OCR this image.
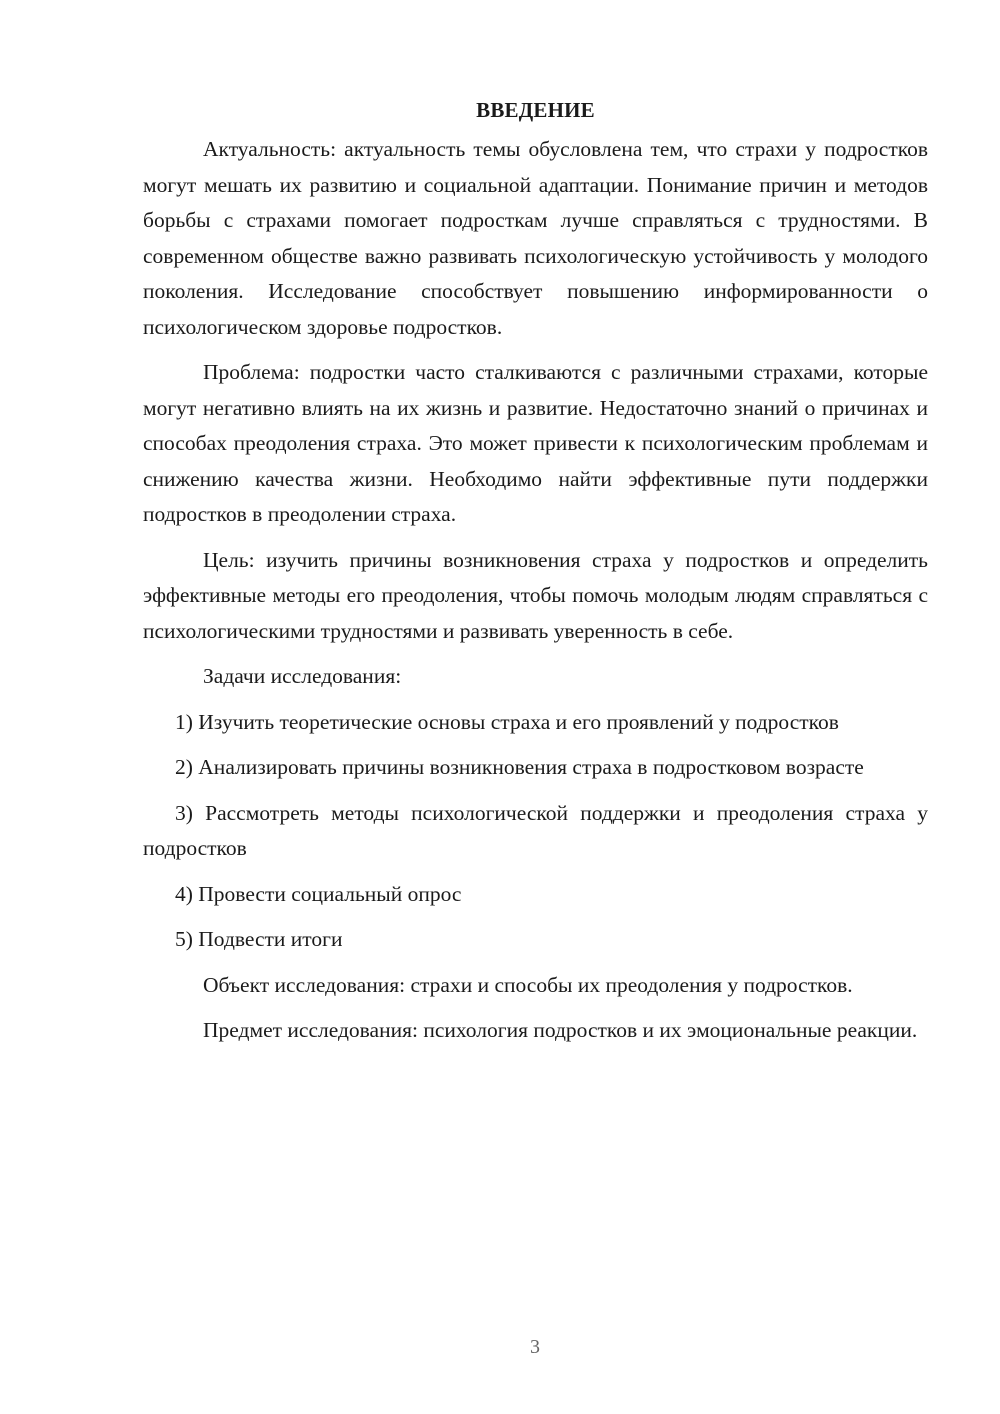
ВВЕДЕНИЕ

Актуальность: актуальность темы обусловлена тем, что страхи у подростков могут мешать их развитию и социальной адаптации. Понимание причин и методов борьбы с страхами помогает подросткам лучше справляться с трудностями. В современном обществе важно развивать психологическую устойчивость у молодого поколения. Исследование способствует повышению информированности о психологическом здоровье подростков.

Проблема: подростки часто сталкиваются с различными страхами, которые могут негативно влиять на их жизнь и развитие. Недостаточно знаний о причинах и способах преодоления страха. Это может привести к психологическим проблемам и снижению качества жизни. Необходимо найти эффективные пути поддержки подростков в преодолении страха.

Цель: изучить причины возникновения страха у подростков и определить эффективные методы его преодоления, чтобы помочь молодым людям справляться с психологическими трудностями и развивать уверенность в себе.

Задачи исследования:

1) Изучить теоретические основы страха и его проявлений у подростков

2) Анализировать причины возникновения страха в подростковом возрасте

3) Рассмотреть методы психологической поддержки и преодоления страха у подростков

4) Провести социальный опрос

5) Подвести итоги

Объект исследования: страхи и способы их преодоления у подростков.

Предмет исследования: психология подростков и их эмоциональные реакции.

3
